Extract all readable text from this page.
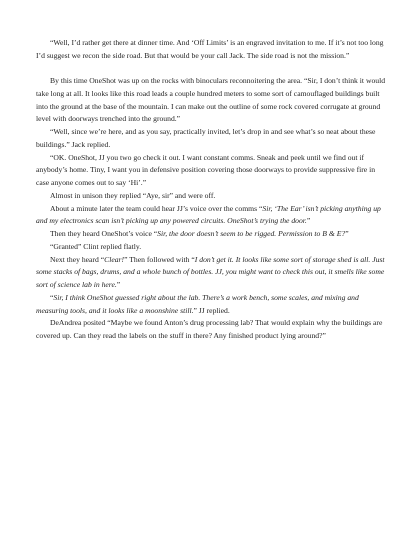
“Well, I’d rather get there at dinner time. And ‘Off Limits’ is an engraved invitation to me. If it’s not too long I’d suggest we recon the side road. But that would be your call Jack. The side road is not the mission.”

By this time OneShot was up on the rocks with binoculars reconnoitering the area. “Sir, I don’t think it would take long at all. It looks like this road leads a couple hundred meters to some sort of camouflaged buildings built into the ground at the base of the mountain. I can make out the outline of some rock covered corrugate at ground level with doorways trenched into the ground.”

“Well, since we’re here, and as you say, practically invited, let’s drop in and see what’s so neat about these buildings.” Jack replied.

“OK. OneShot, JJ you two go check it out. I want constant comms. Sneak and peek until we find out if anybody’s home. Tiny, I want you in defensive position covering those doorways to provide suppressive fire in case anyone comes out to say ‘Hi’.”

Almost in unison they replied “Aye, sir” and were off.

About a minute later the team could hear JJ’s voice over the comms “Sir, ‘The Ear’ isn’t picking anything up and my electronics scan isn’t picking up any powered circuits. OneShot’s trying the door.”

Then they heard OneShot’s voice “Sir, the door doesn’t seem to be rigged. Permission to B & E?”

“Granted” Clint replied flatly.

Next they heard “Clear!” Then followed with “I don’t get it. It looks like some sort of storage shed is all. Just some stacks of bags, drums, and a whole bunch of bottles. JJ, you might want to check this out, it smells like some sort of science lab in here.”

“Sir, I think OneShot guessed right about the lab. There’s a work bench, some scales, and mixing and measuring tools, and it looks like a moonshine still.” JJ replied.

DeAndrea posited “Maybe we found Anton’s drug processing lab? That would explain why the buildings are covered up. Can they read the labels on the stuff in there? Any finished product lying around?”
